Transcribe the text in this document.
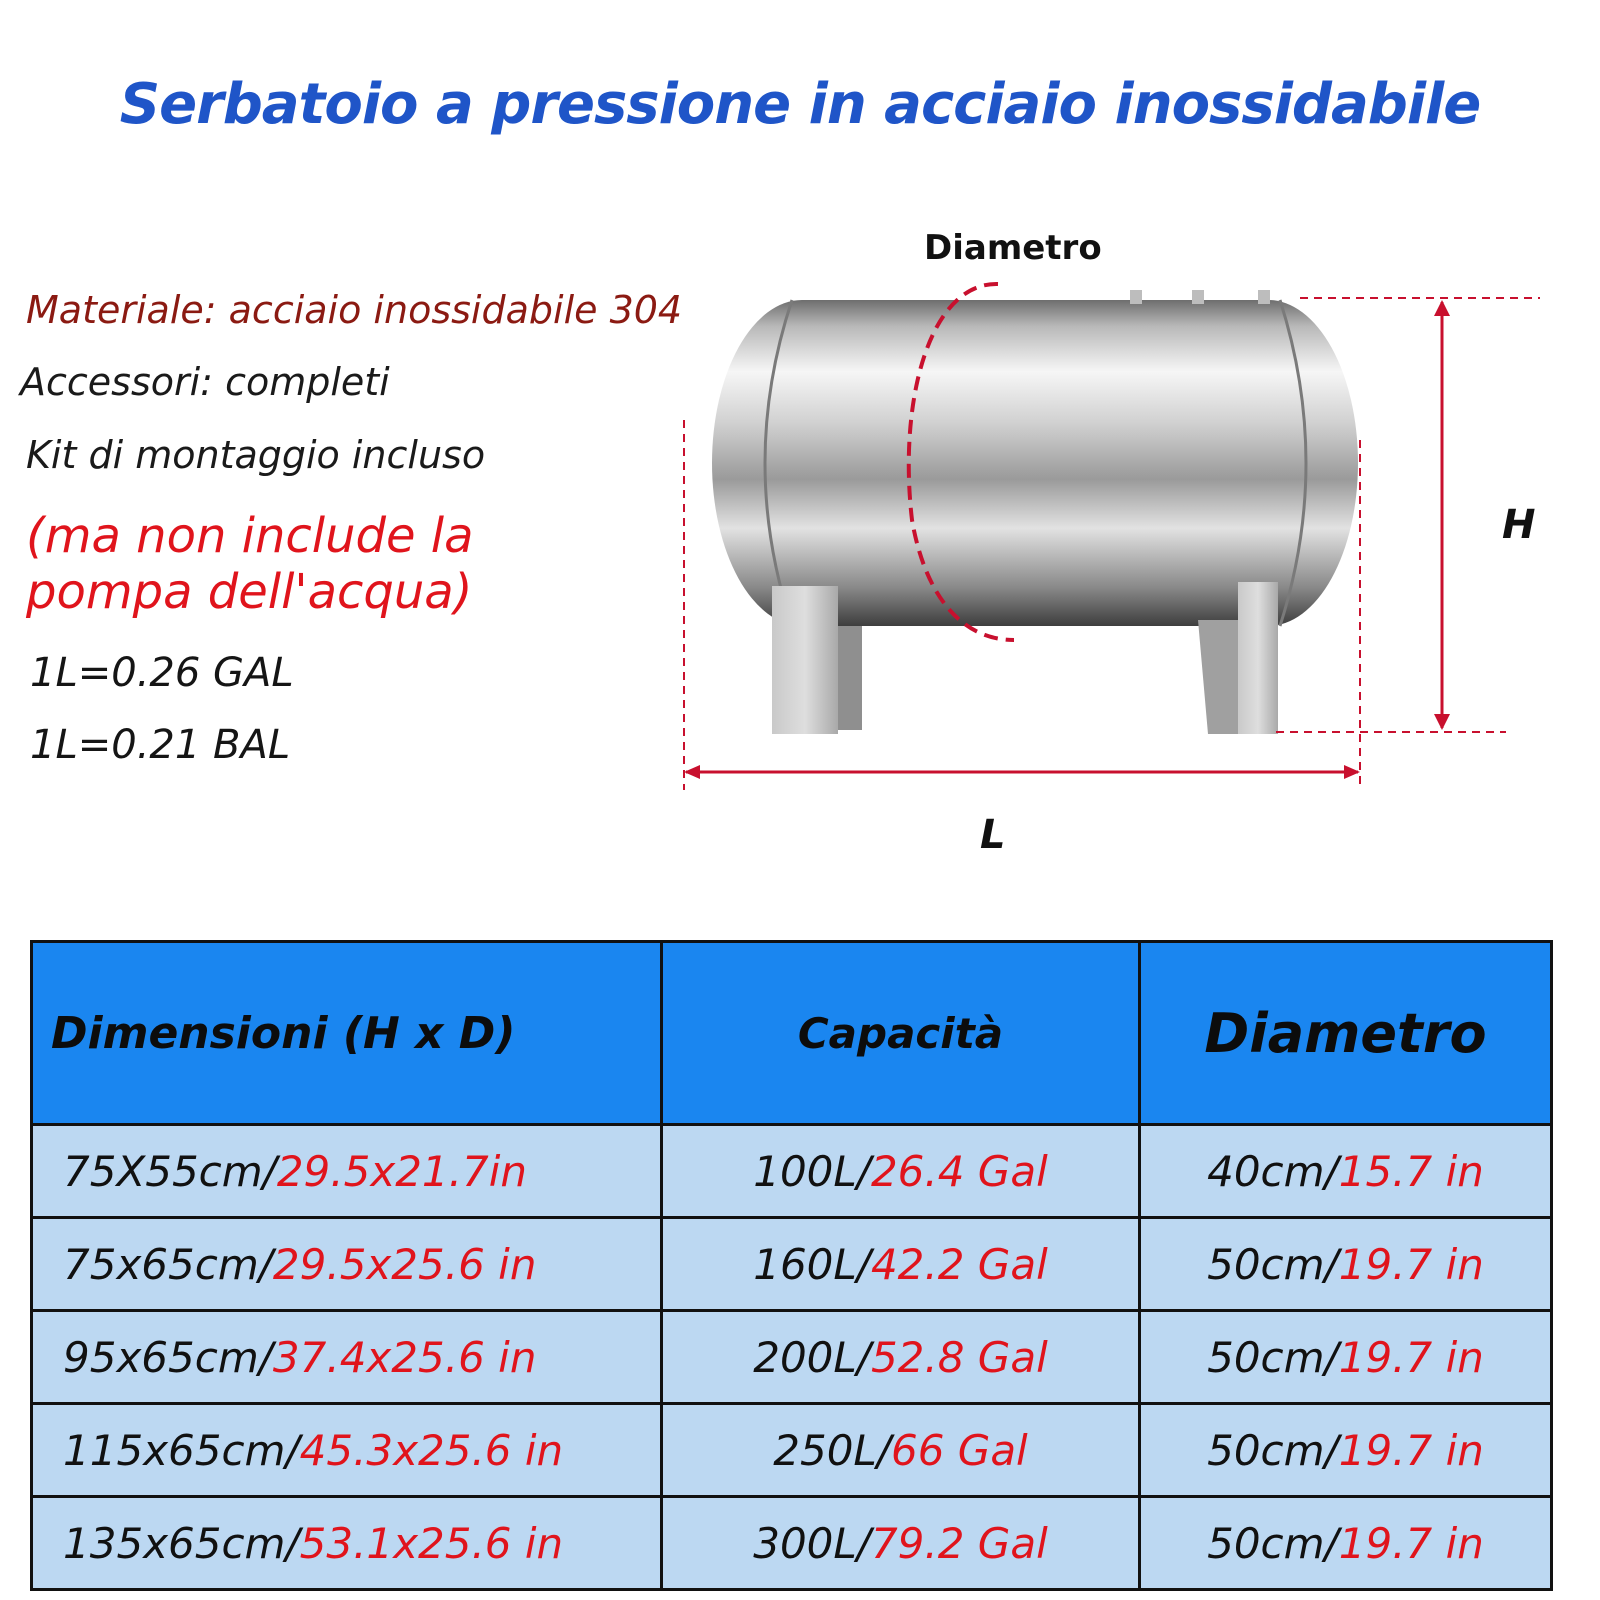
Serbatoio a pressione in acciaio inossidabile
Materiale: acciaio inossidabile 304
Accessori: completi
Kit di montaggio incluso
(ma non include la pompa dell'acqua)
1L=0.26 GAL
1L=0.21 BAL
Diametro
H
L
Dimensioni (H x D)	Capacità	Diametro
75X55cm/29.5x21.7in	100L/26.4 Gal	40cm/15.7 in
75x65cm/29.5x25.6 in	160L/42.2 Gal	50cm/19.7 in
95x65cm/37.4x25.6 in	200L/52.8 Gal	50cm/19.7 in
115x65cm/45.3x25.6 in	250L/66 Gal	50cm/19.7 in
135x65cm/53.1x25.6 in	300L/79.2 Gal	50cm/19.7 in
